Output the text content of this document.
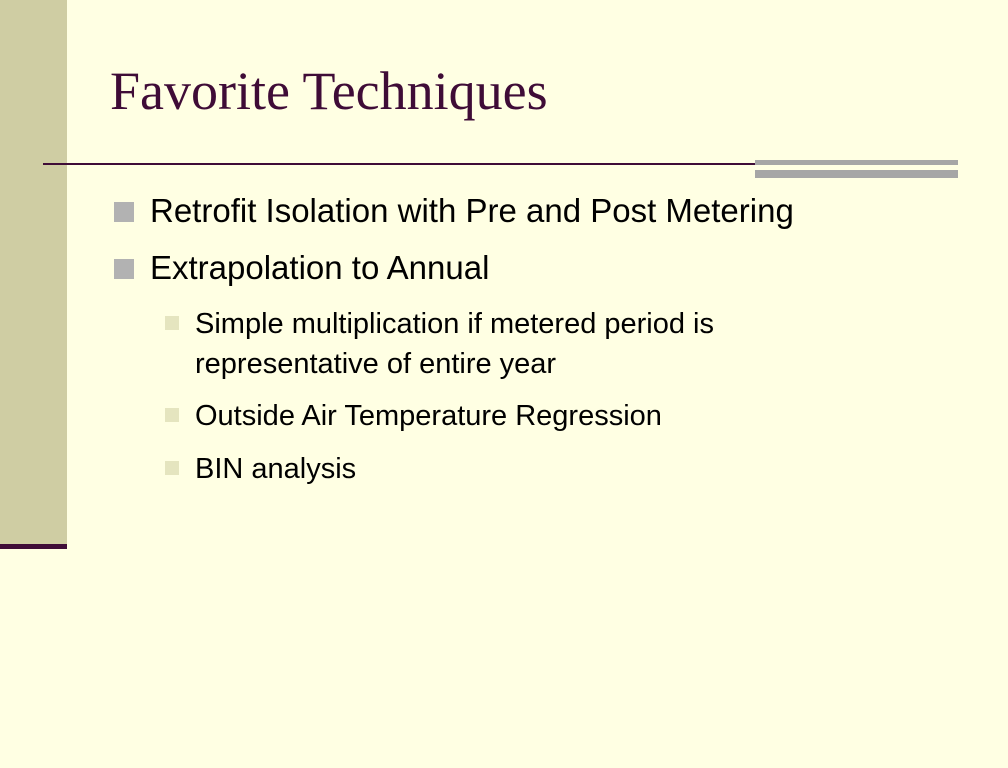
Favorite Techniques
Retrofit Isolation with Pre and Post Metering
Extrapolation to Annual
Simple multiplication if metered period is
representative of entire year
Outside Air Temperature Regression
BIN analysis
